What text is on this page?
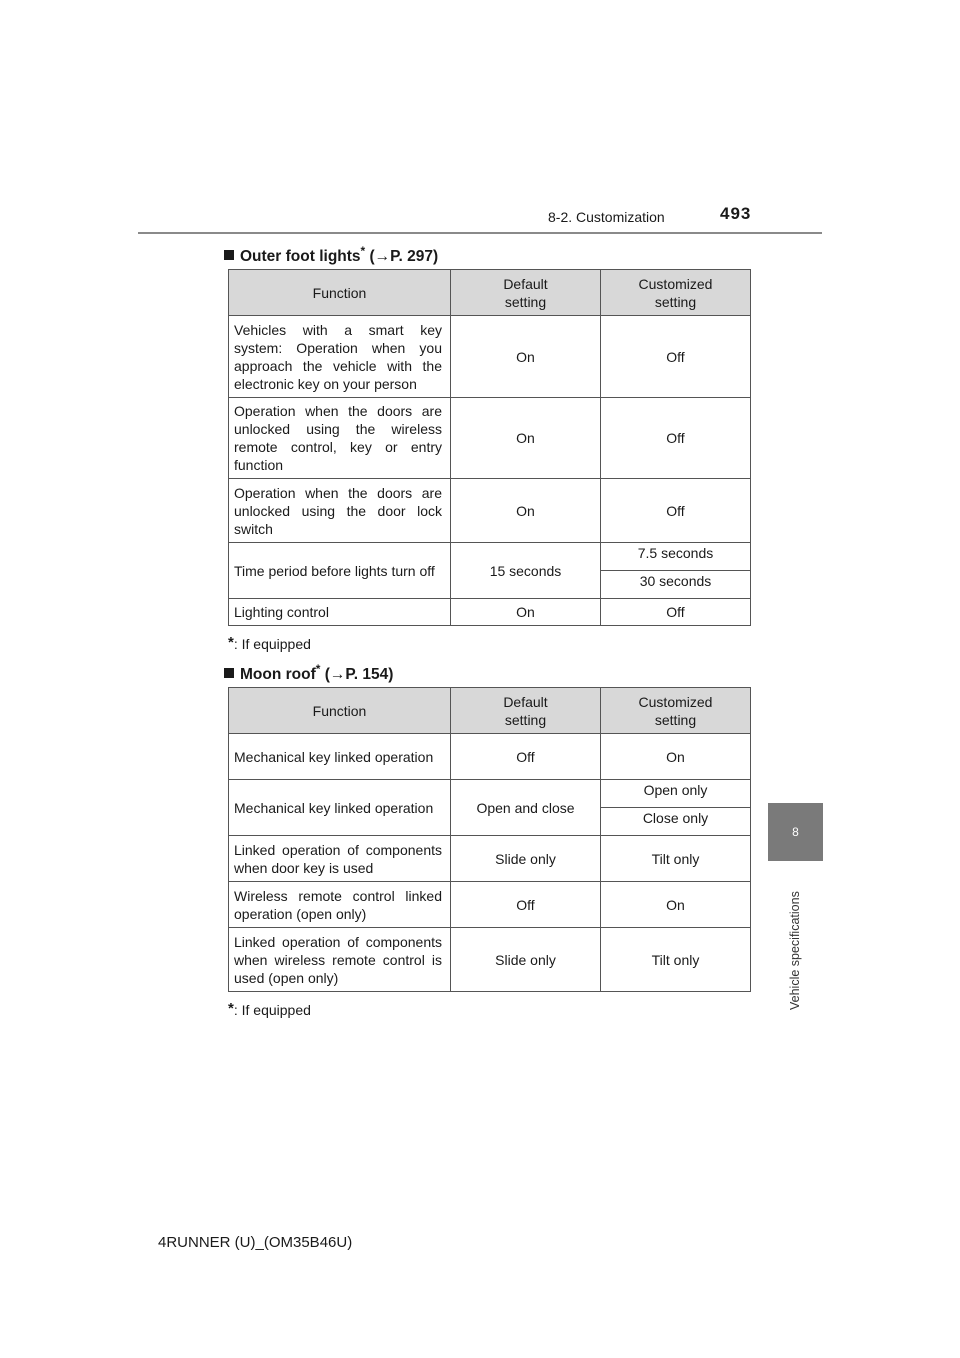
8-2. Customization	493
8
Vehicle specifications
Outer foot lights* (→P. 297)
Function	Default setting	Customized setting
Vehicles with a smart key system: Operation when you approach the vehicle with the electronic key on your person	On	Off
Operation when the doors are unlocked using the wireless remote control, key or entry function	On	Off
Operation when the doors are unlocked using the door lock switch	On	Off
Time period before lights turn off	15 seconds	7.5 seconds
		30 seconds
Lighting control	On	Off
*: If equipped
Moon roof* (→P. 154)
Function	Default setting	Customized setting
Mechanical key linked operation	Off	On
Mechanical key linked operation	Open and close	Open only
		Close only
Linked operation of components when door key is used	Slide only	Tilt only
Wireless remote control linked operation (open only)	Off	On
Linked operation of components when wireless remote control is used (open only)	Slide only	Tilt only
*: If equipped
4RUNNER (U)_(OM35B46U)
